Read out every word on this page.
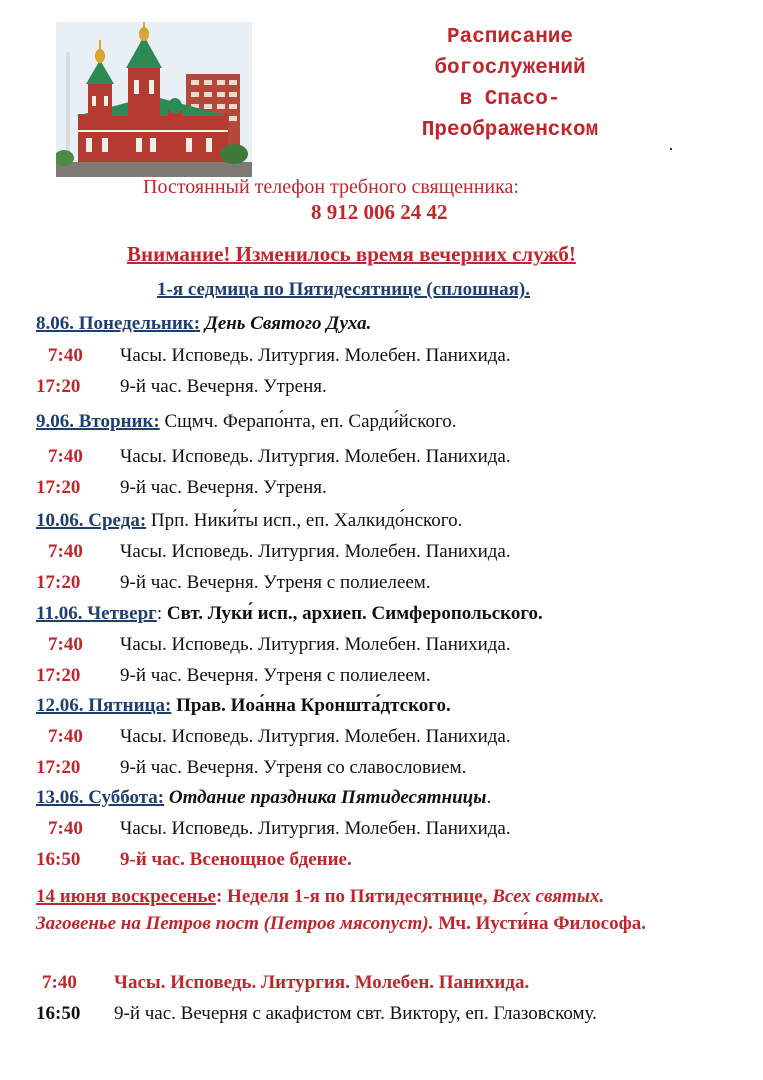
Расписание
богослужений
в Спасо-
Преображенском
Постоянный телефон требного священника:
8 912 006 24 42
Внимание! Изменилось время вечерних служб!
1-я седмица по Пятидесятнице (сплошная).
8.06. Понедельник: День Святого Духа.
7:40 Часы. Исповедь. Литургия. Молебен. Панихида.
17:20 9-й час. Вечерня. Утреня.
9.06. Вторник: Сщмч. Ферапо́нта, еп. Сарди́йского.
7:40 Часы. Исповедь. Литургия. Молебен. Панихида.
17:20 9-й час. Вечерня. Утреня.
10.06. Среда: Прп. Ники́ты исп., еп. Халкидо́нского.
7:40 Часы. Исповедь. Литургия. Молебен. Панихида.
17:20 9-й час. Вечерня. Утреня с полиелеем.
11.06. Четверг: Свт. Луки́ исп., архиеп. Симферопольского.
7:40 Часы. Исповедь. Литургия. Молебен. Панихида.
17:20 9-й час. Вечерня. Утреня с полиелеем.
12.06. Пятница: Прав. Иоа́нна Кроншта́дтского.
7:40 Часы. Исповедь. Литургия. Молебен. Панихида.
17:20 9-й час. Вечерня. Утреня со славословием.
13.06. Суббота: Отдание праздника Пятидесятницы.
7:40 Часы. Исповедь. Литургия. Молебен. Панихида.
16:50 9-й час. Всенощное бдение.
14 июня воскресенье: Неделя 1-я по Пятидесятнице, Всех святых.
Заговенье на Петров пост (Петров мясопуст). Мч. Иусти́на Философа.
7:40 Часы. Исповедь. Литургия. Молебен. Панихида.
16:50 9-й час. Вечерня с акафистом свт. Виктору, еп. Глазовскому.
